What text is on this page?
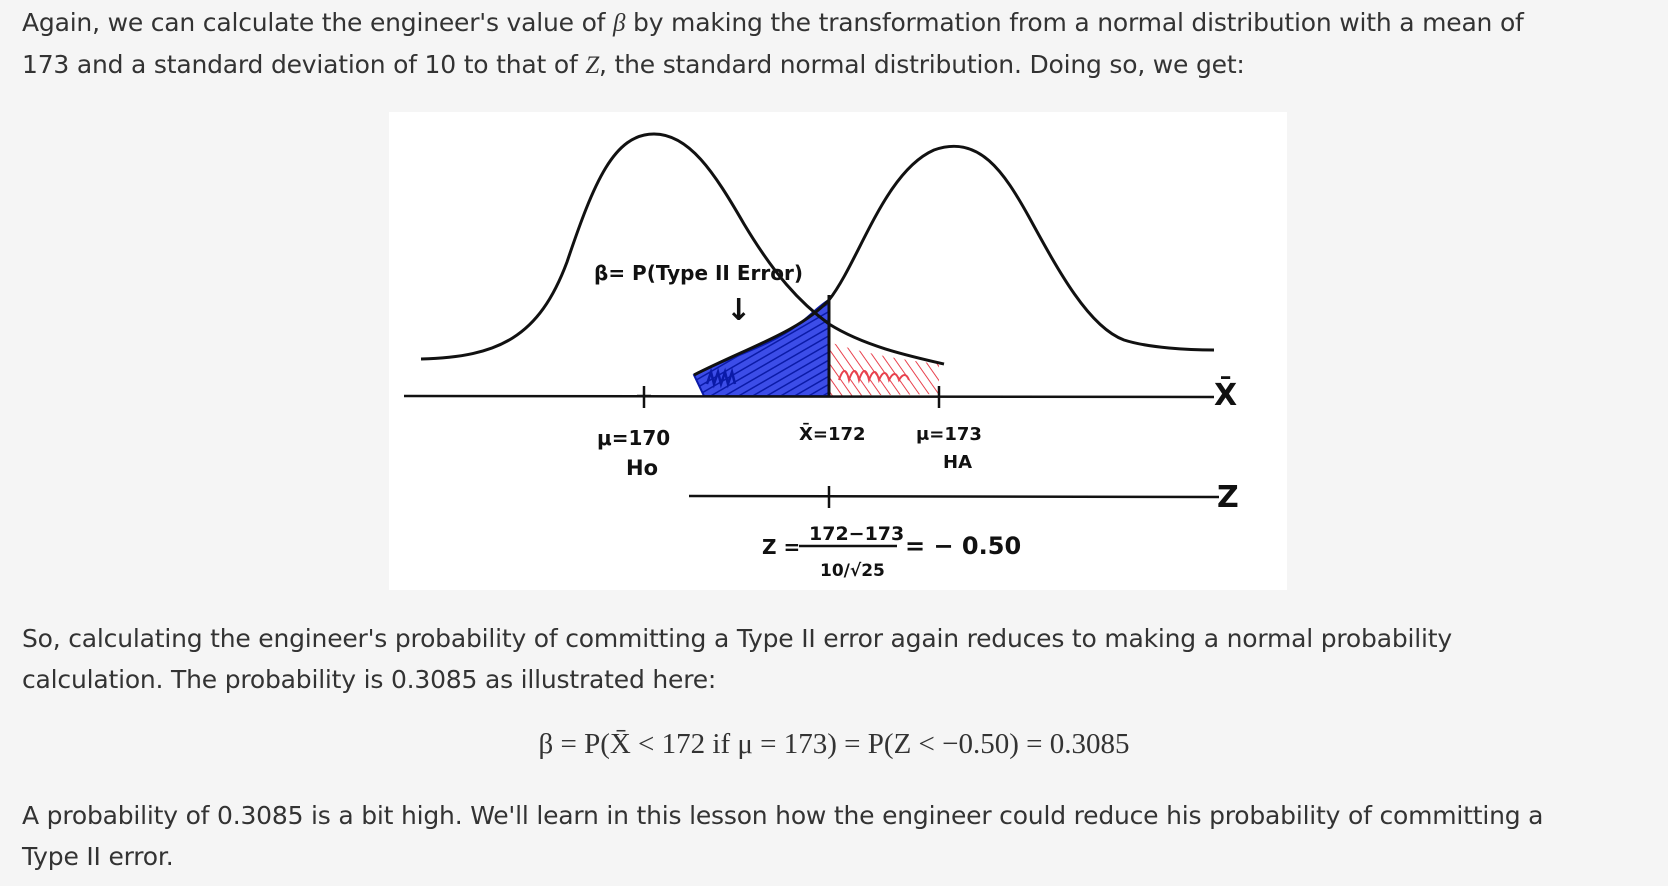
Again, we can calculate the engineer's value of β by making the transformation from a normal distribution with a mean of 173 and a standard deviation of 10 to that of Z, the standard normal distribution. Doing so, we get:

β= P(Type II Error)
↓
μ=170
Ho
X̄=172	μ=173
HA
X̄
Z
Z =
172−173
10/√25
= − 0.50

So, calculating the engineer's probability of committing a Type II error again reduces to making a normal probability calculation. The probability is 0.3085 as illustrated here:

β = P(X̄ < 172 if μ = 173) = P(Z < −0.50) = 0.3085

A probability of 0.3085 is a bit high. We'll learn in this lesson how the engineer could reduce his probability of committing a Type II error.
